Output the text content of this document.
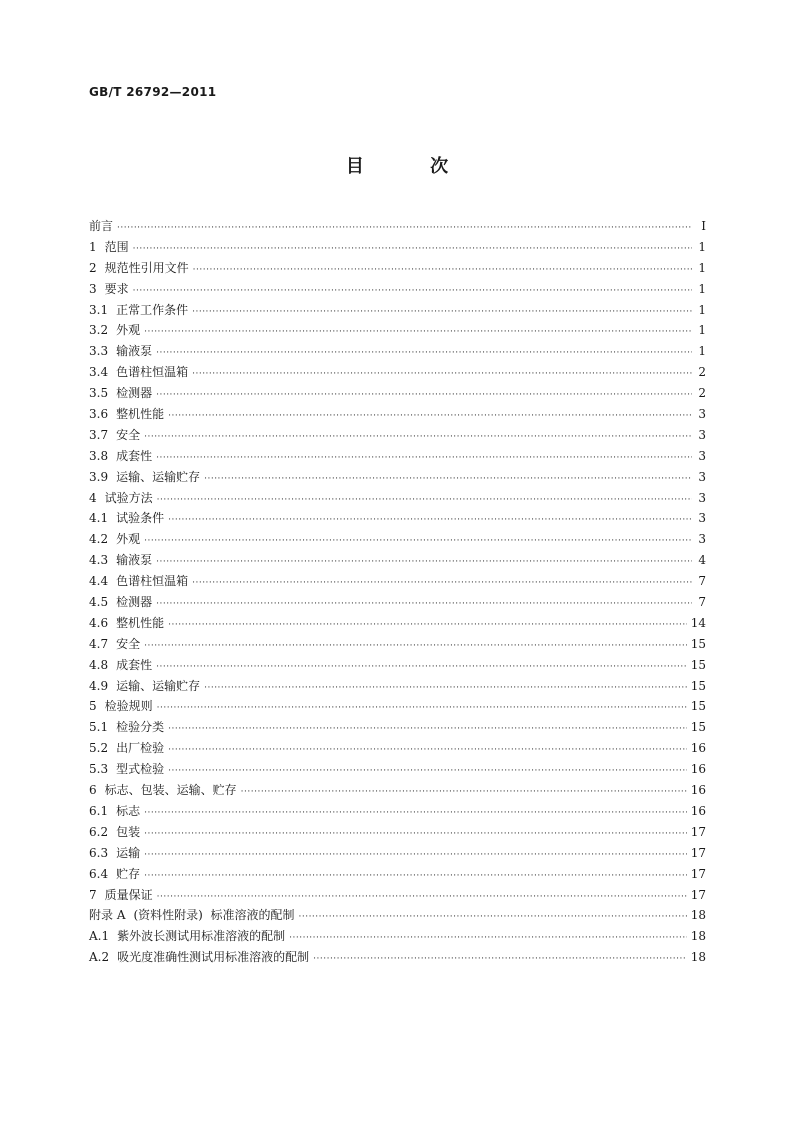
GB/T 26792—2011
目 次
前言 ·····	Ⅰ
1 范围 ·····	1
2 规范性引用文件 ·····	1
3 要求 ·····	1
3.1 正常工作条件 ·····	1
3.2 外观 ·····	1
3.3 输液泵 ·····	1
3.4 色谱柱恒温箱 ·····	2
3.5 检测器 ·····	2
3.6 整机性能 ·····	3
3.7 安全 ·····	3
3.8 成套性 ·····	3
3.9 运输、运输贮存 ·····	3
4 试验方法 ·····	3
4.1 试验条件 ·····	3
4.2 外观 ·····	3
4.3 输液泵 ·····	4
4.4 色谱柱恒温箱 ·····	7
4.5 检测器 ·····	7
4.6 整机性能 ·····	14
4.7 安全 ·····	15
4.8 成套性 ·····	15
4.9 运输、运输贮存 ·····	15
5 检验规则 ·····	15
5.1 检验分类 ·····	15
5.2 出厂检验 ·····	16
5.3 型式检验 ·····	16
6 标志、包装、运输、贮存 ·····	16
6.1 标志 ·····	16
6.2 包装 ·····	17
6.3 运输 ·····	17
6.4 贮存 ·····	17
7 质量保证 ·····	17
附录 A (资料性附录)  标准溶液的配制 ·····	18
A.1 紫外波长测试用标准溶液的配制 ·····	18
A.2 吸光度准确性测试用标准溶液的配制 ·····	18
